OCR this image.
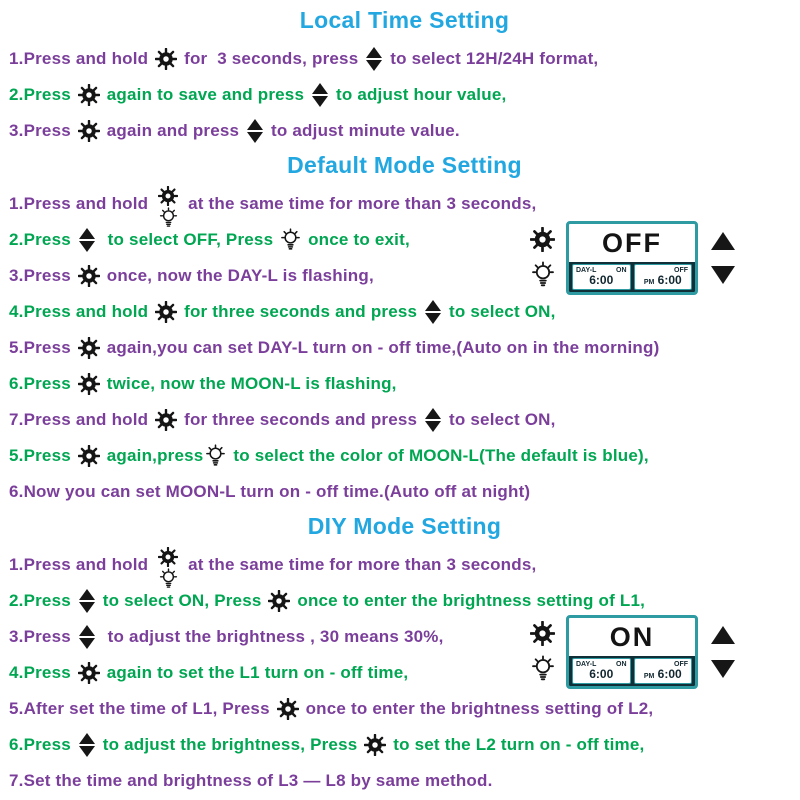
Local Time Setting
1.Press and hold for  3 seconds, press to select 12H/24H format,
2.Press again to save and press to adjust hour value,
3.Press again and press to adjust minute value.
Default Mode Setting
1.Press and hold at the same time for more than 3 seconds,
2.Press to select OFF, Press once to exit,
3.Press once, now the DAY-L is flashing,
4.Press and hold for three seconds and press to select ON,
5.Press again,you can set DAY-L turn on - off time,(Auto on in the morning)
6.Press twice, now the MOON-L is flashing,
7.Press and hold for three seconds and press to select ON,
5.Press again,press to select the color of MOON-L(The default is blue),
6.Now you can set MOON-L turn on - off time.(Auto off at night)
DIY Mode Setting
1.Press and hold at the same time for more than 3 seconds,
2.Press to select ON, Press once to enter the brightness setting of L1,
3.Press to adjust the brightness , 30 means 30%,
4.Press again to set the L1 turn on - off time,
5.After set the time of L1, Press once to enter the brightness setting of L2,
6.Press to adjust the brightness, Press to set the L2 turn on - off time,
7.Set the time and brightness of L3 — L8 by same method.
OFF
DAY-L	ON
6:00
OFF
PM 6:00
ON
DAY-L	ON
6:00
OFF
PM 6:00
